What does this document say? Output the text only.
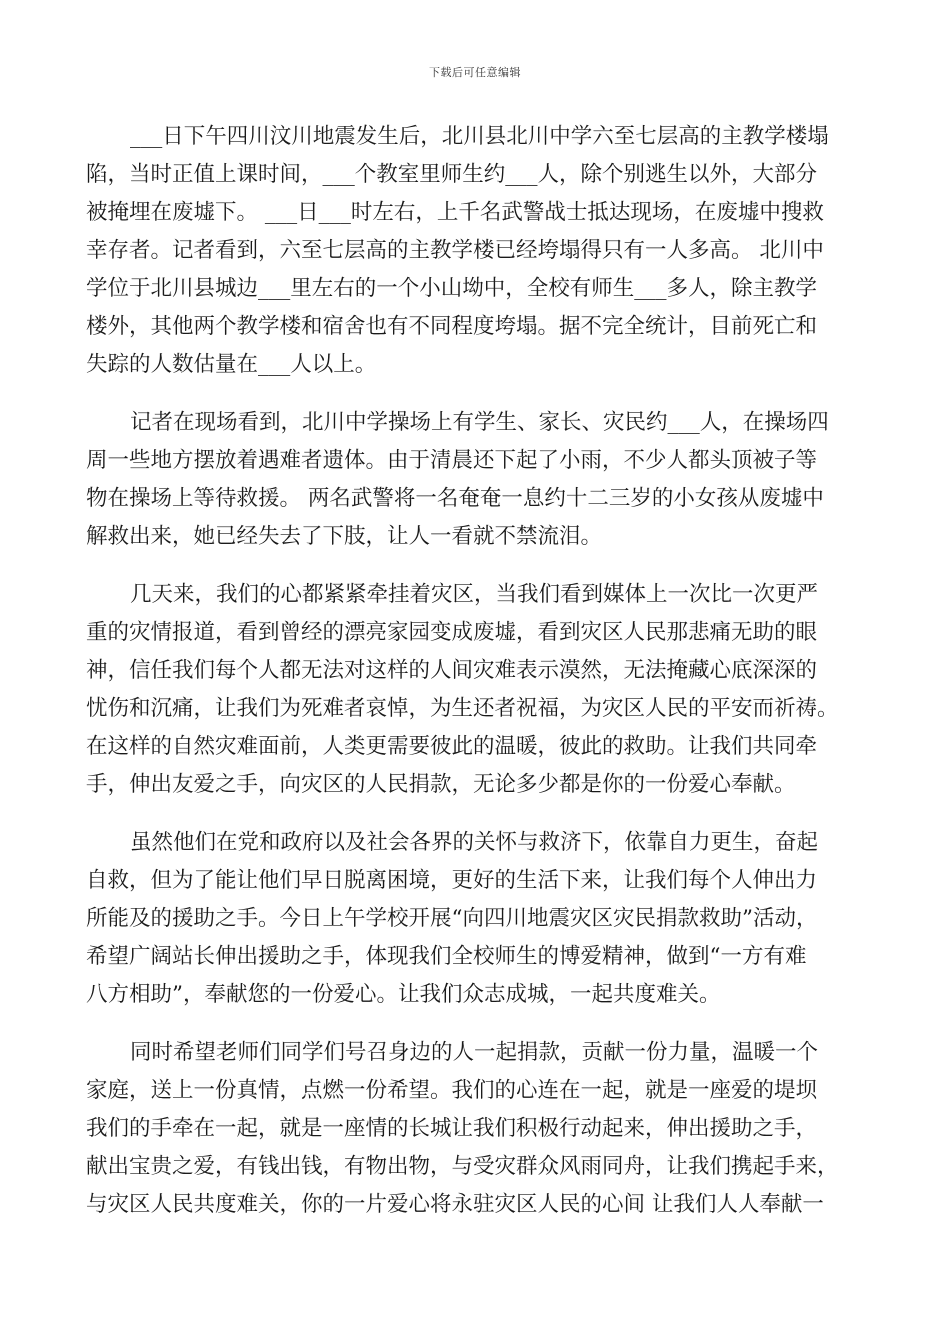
下载后可任意编辑
___日下午四川汶川地震发生后，北川县北川中学六至七层高的主教学楼塌
陷，当时正值上课时间，___个教室里师生约___人，除个别逃生以外，大部分
被掩埋在废墟下。 ___日___时左右，上千名武警战士抵达现场，在废墟中搜救
幸存者。记者看到，六至七层高的主教学楼已经垮塌得只有一人多高。 北川中
学位于北川县城边___里左右的一个小山坳中，全校有师生___多人，除主教学
楼外，其他两个教学楼和宿舍也有不同程度垮塌。据不完全统计，目前死亡和
失踪的人数估量在___人以上。
记者在现场看到，北川中学操场上有学生、家长、灾民约___人，在操场四
周一些地方摆放着遇难者遗体。由于清晨还下起了小雨，不少人都头顶被子等
物在操场上等待救援。 两名武警将一名奄奄一息约十二三岁的小女孩从废墟中
解救出来，她已经失去了下肢，让人一看就不禁流泪。
几天来，我们的心都紧紧牵挂着灾区，当我们看到媒体上一次比一次更严
重的灾情报道，看到曾经的漂亮家园变成废墟，看到灾区人民那悲痛无助的眼
神，信任我们每个人都无法对这样的人间灾难表示漠然，无法掩藏心底深深的
忧伤和沉痛，让我们为死难者哀悼，为生还者祝福，为灾区人民的平安而祈祷。
在这样的自然灾难面前，人类更需要彼此的温暖，彼此的救助。让我们共同牵
手，伸出友爱之手，向灾区的人民捐款，无论多少都是你的一份爱心奉献。
虽然他们在党和政府以及社会各界的关怀与救济下，依靠自力更生，奋起
自救，但为了能让他们早日脱离困境，更好的生活下来，让我们每个人伸出力
所能及的援助之手。今日上午学校开展“向四川地震灾区灾民捐款救助”活动，
希望广阔站长伸出援助之手，体现我们全校师生的博爱精神，做到“一方有难
八方相助”，奉献您的一份爱心。让我们众志成城，一起共度难关。
同时希望老师们同学们号召身边的人一起捐款，贡献一份力量，温暖一个
家庭，送上一份真情，点燃一份希望。我们的心连在一起，就是一座爱的堤坝
我们的手牵在一起，就是一座情的长城让我们积极行动起来，伸出援助之手，
献出宝贵之爱，有钱出钱，有物出物，与受灾群众风雨同舟，让我们携起手来，
与灾区人民共度难关，你的一片爱心将永驻灾区人民的心间 让我们人人奉献一
